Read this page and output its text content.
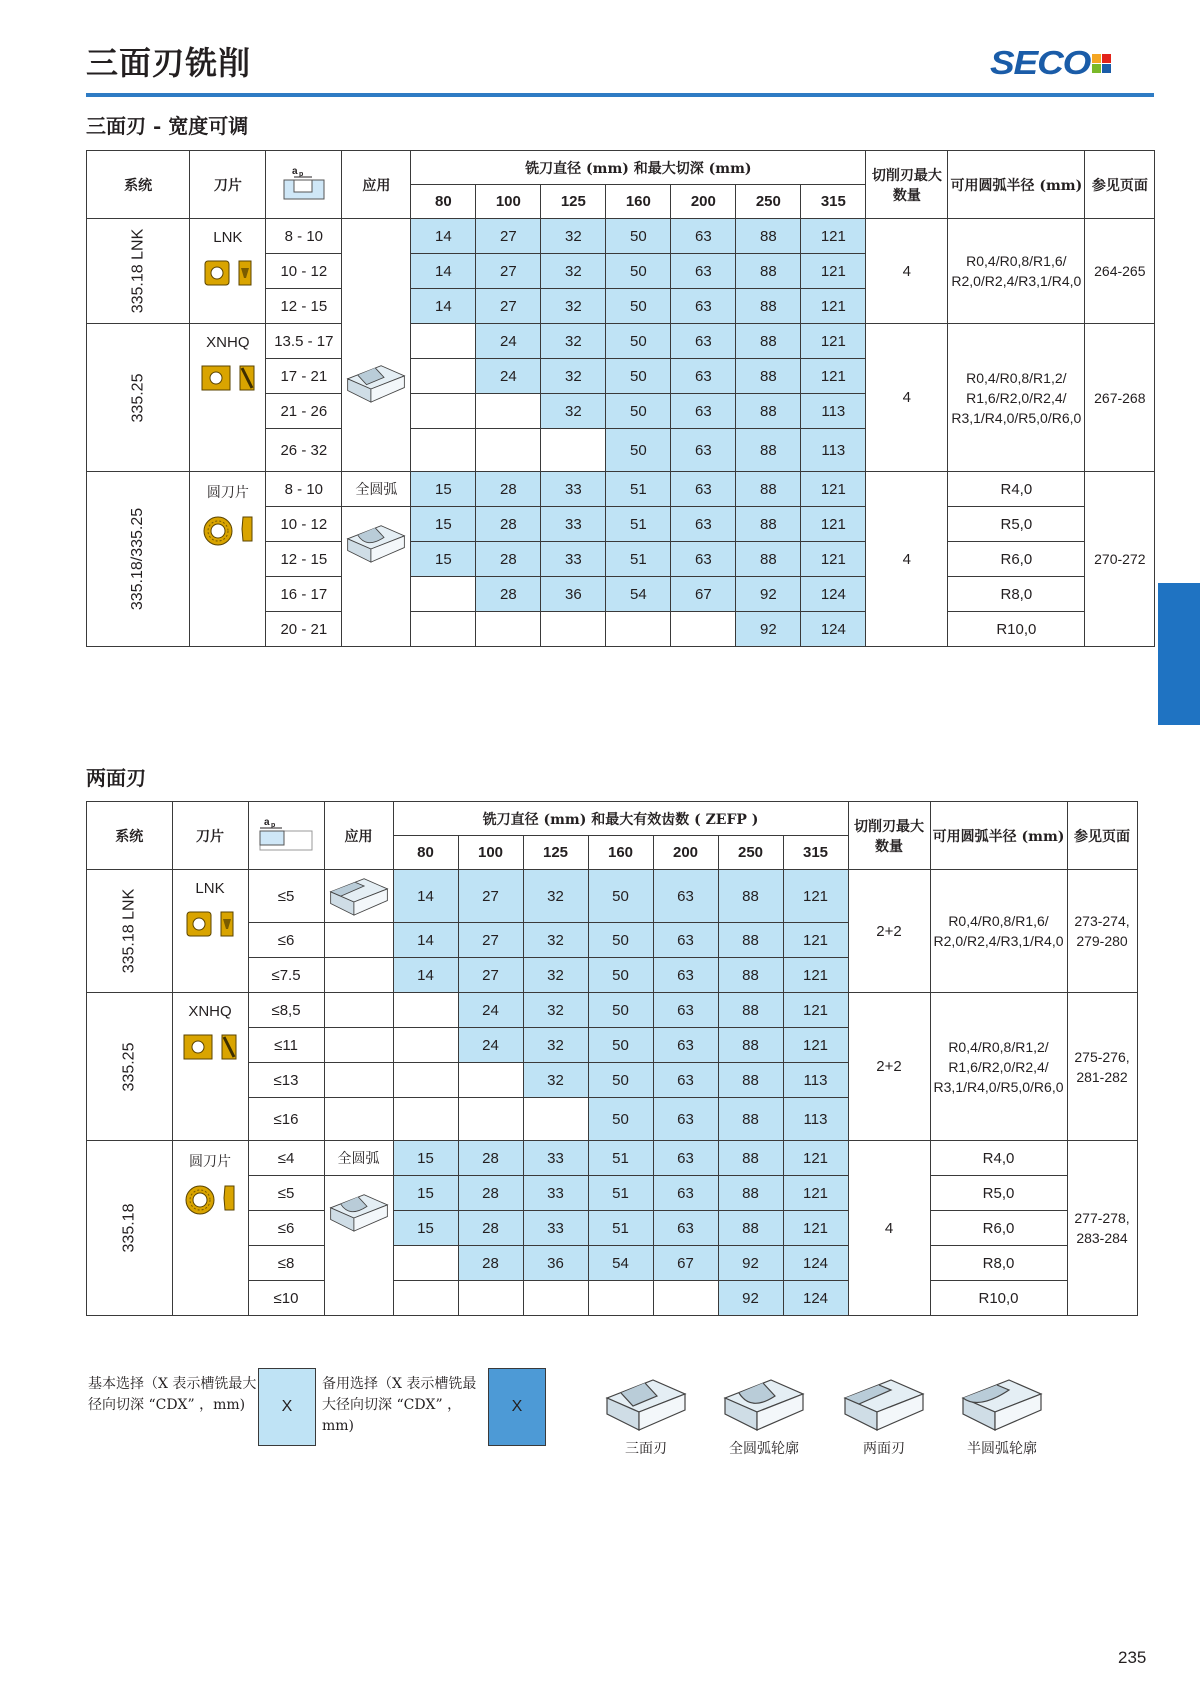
三面刃铣削	SECO
三面刃 - 宽度可调
系统	刀片	a p	应用	铣刀直径 (mm) 和最大切深 (mm)							切削刃最大数量	可用圆弧半径 (mm)	参见页面
				80	100	125	160	200	250	315			
335.18 LNK	LNK	8 - 10		14	27	32	50	63	88	121	4	R0,4/R0,8/R1,6/ R2,0/R2,4/R3,1/R4,0	264-265
		10 - 12		14	27	32	50	63	88	121			
		12 - 15		14	27	32	50	63	88	121			
335.25	XNHQ	13.5 - 17			24	32	50	63	88	121	4	R0,4/R0,8/R1,2/ R1,6/R2,0/R2,4/ R3,1/R4,0/R5,0/R6,0	267-268
		17 - 21			24	32	50	63	88	121			
		21 - 26				32	50	63	88	113			
		26 - 32					50	63	88	113			
335.18/335.25	圆刀片	8 - 10	全圆弧	15	28	33	51	63	88	121	4	R4,0	270-272
		10 - 12		15	28	33	51	63	88	121		R5,0	
		12 - 15		15	28	33	51	63	88	121		R6,0	
		16 - 17			28	36	54	67	92	124		R8,0	
		20 - 21							92	124		R10,0	
两面刃
系统	刀片	a p	应用	铣刀直径 (mm) 和最大有效齿数 ( ZEFP )							切削刃最大数量	可用圆弧半径 (mm)	参见页面
				80	100	125	160	200	250	315			
335.18 LNK	LNK	≤5		14	27	32	50	63	88	121	2+2	R0,4/R0,8/R1,6/ R2,0/R2,4/R3,1/R4,0	273-274, 279-280
		≤6		14	27	32	50	63	88	121			
		≤7.5		14	27	32	50	63	88	121			
335.25	XNHQ	≤8,5			24	32	50	63	88	121	2+2	R0,4/R0,8/R1,2/ R1,6/R2,0/R2,4/ R3,1/R4,0/R5,0/R6,0	275-276, 281-282
		≤11			24	32	50	63	88	121			
		≤13				32	50	63	88	113			
		≤16					50	63	88	113			
335.18	圆刀片	≤4	全圆弧	15	28	33	51	63	88	121	4	R4,0	277-278, 283-284
		≤5		15	28	33	51	63	88	121		R5,0	
		≤6		15	28	33	51	63	88	121		R6,0	
		≤8			28	36	54	67	92	124		R8,0	
		≤10							92	124		R10,0	
基本选择（X 表示槽铣最大径向切深 “CDX” ，mm)	X
备用选择（X 表示槽铣最大径向切深 “CDX” ，mm)
X
三面刃	全圆弧轮廓	两面刃	半圆弧轮廓
235
